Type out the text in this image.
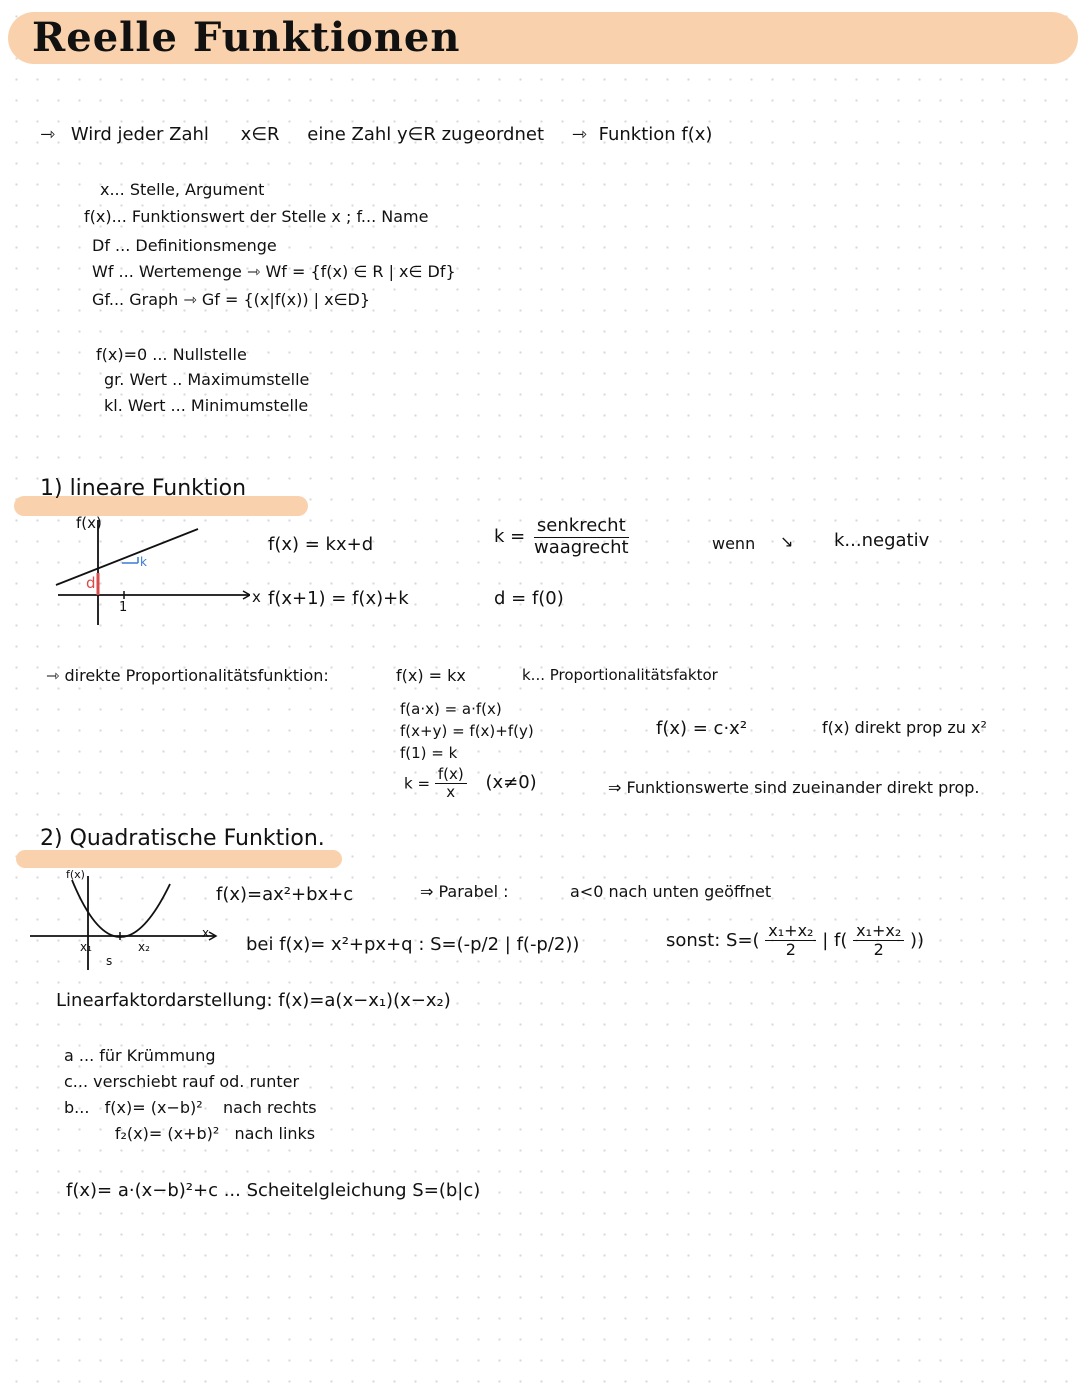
Reelle Funktionen
⇾ Wird jeder Zahl x∈R eine Zahl y∈R zugeordnet ⇾ Funktion f(x)
x... Stelle, Argument
f(x)... Funktionswert der Stelle x ; f... Name
Df ... Definitionsmenge
Wf ... Wertemenge ⇾ Wf = {f(x) ∈ R | x∈ Df}
Gf... Graph ⇾ Gf = {(x|f(x)) | x∈D}
f(x)=0 ... Nullstelle
gr. Wert .. Maximumstelle
kl. Wert ... Minimumstelle
1) lineare Funktion
f(x)
x
d
k
1
f(x) = kx+d
f(x+1) = f(x)+k
$k = \frac{\text{senkrecht}}{\text{waagrecht}}$
d = f(0)
wenn ↘ k...negativ
⇾ direkte Proportionalitätsfunktion:	f(x) = kx	k... Proportionalitätsfaktor
f(a·x) = a·f(x)
f(x+y) = f(x)+f(y)
f(1) = k
$k = \frac{f(x)}{x} (x\ne 0)$
f(x) = c·x²	f(x) direkt prop zu x²
⇒ Funktionswerte sind zueinander direkt prop.
2) Quadratische Funktion.
f(x)
x
x₁	x₂
s
f(x)=ax²+bx+c	⇒ Parabel :	a<0 nach unten geöffnet
bei f(x)= x²+px+q : S=(-p/2 | f(-p/2))	sonst: $S=( \frac{\text{x₁+x₂}}{2}$ | $f( \frac{\text{x₁+x₂}}{2}$ ))
Linearfaktordarstellung: f(x)=a(x−x₁)(x−x₂)
a ... für Krümmung
c... verschiebt rauf od. runter
b...   f(x)= (x−b)²    nach rechts
f₂(x)= (x+b)²   nach links
f(x)= a·(x−b)²+c ... Scheitelgleichung S=(b|c)
